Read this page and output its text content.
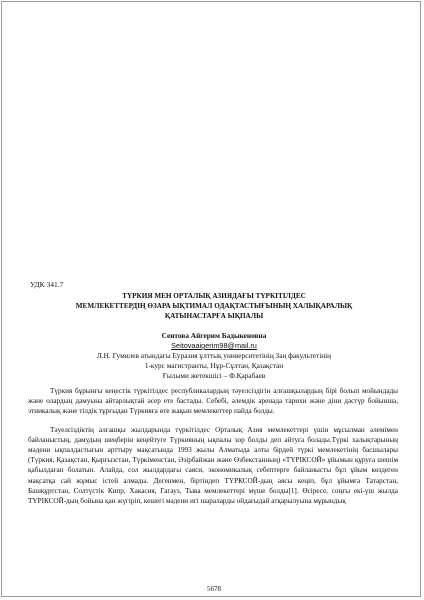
УДК 341.7
ТҮРКИЯ МЕН ОРТАЛЫҚ АЗИЯДАҒЫ ТҮРКІТІЛДЕС
МЕМЛЕКЕТТЕРДІҢ ӨЗАРА ЫҚТИМАЛ ОДАҚТАСТЫҒЫНЫҢ ХАЛЫҚАРАЛЫҚ
ҚАТЫНАСТАРҒА ЫҚПАЛЫ
Сеитова Айгерим Бадыкеновна
Seitovaaigerim98@mail.ru
Л.Н. Гумилев атындағы Еуразия ұлттық университетінің Заң факультетінің
1-курс магистранты, Нұр-Сұлтан, Қазақстан
Ғылыми жетекшісі – Ф.Қарабаев

Түркия бұрынғы кеңестік түркітілдес республикалардың тәуелсіздігін алғашқылардың бірі болып мойындады және олардың дамуына айтарлықтай әсер ете бастады. Себебі, әлемдік аренада тарихи және діни дәстүр бойынша, этникалық және тілдік тұрғыдан Түркияға өте жақын мемлекеттер пайда болды.

Тәуелсіздіктің алғашқы жылдарында түркітілдес Орталық Азия мемлекеттері үшін мұсылман әлемімен байланыстың, дамудың шеңберін кеңейтуге Түркияның ықпалы зор болды деп айтуға болады.Түркі халықтарының мәдени ықпалдастығын арттыру мақсатында 1993 жылы Алматыда алты бірдей түркі мемлекетінің басшылары (Түркия, Қазақстан, Қырғызстан, Түркіменстан, Әзірбайжан және Өзбекстанның) «ТҮРІКСОЙ» ұйымын құруға шешім қабылдаған болатын. Алайда, сол жылдардағы саяси, экономикалық себептерге байланысты бұл ұйым көздеген мақсатқа сай жұмыс істей алмады. Дегенмен, біртіндеп ТҮРКСОЙ-дың аясы кеңіп, бұл ұйымға Татарстан, Башқұртстан, Солтүстік Кипр, Хакасия, Гагауз, Тыва мемлекеттері мүше болды[1]. Өсіресе, соңғы екі-үш жылда ТҮРІКСОЙ-дың бойына қан жүгіріп, кешегі мәдени игі шараларды ойдағыдай атқарылуына мұрындық

5678
